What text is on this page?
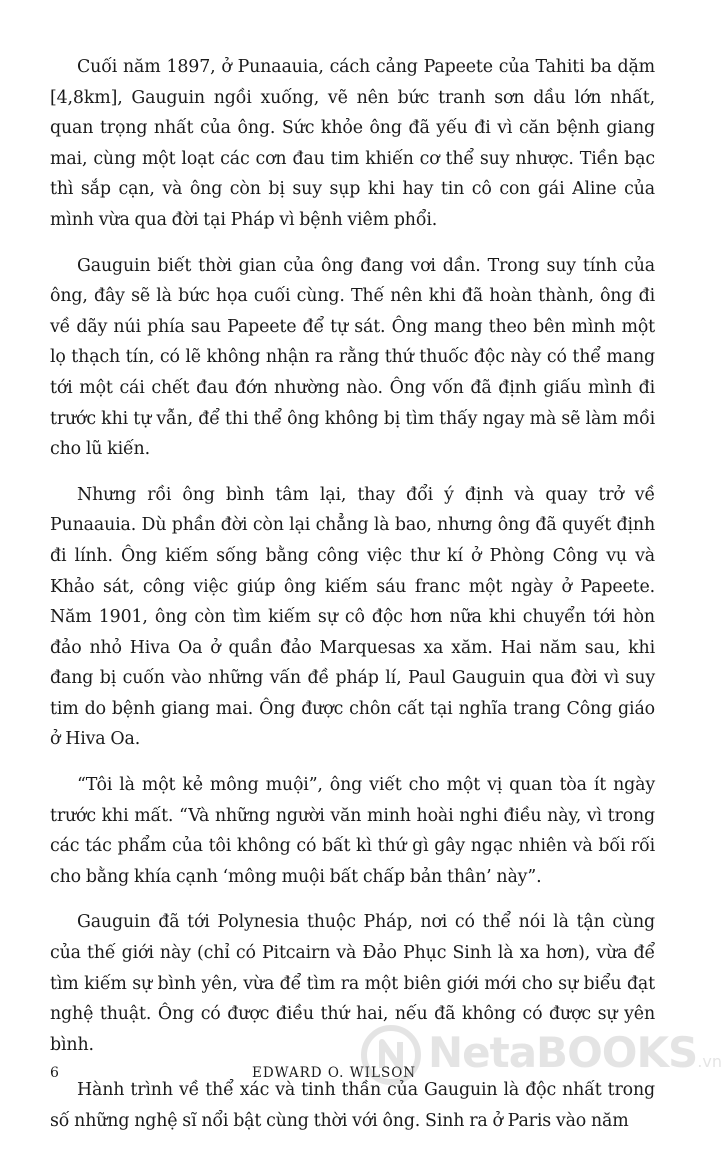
Cuối năm 1897, ở Punaauia, cách cảng Papeete của Tahiti ba dặm [4,8km], Gauguin ngồi xuống, vẽ nên bức tranh sơn dầu lớn nhất, quan trọng nhất của ông. Sức khỏe ông đã yếu đi vì căn bệnh giang mai, cùng một loạt các cơn đau tim khiến cơ thể suy nhược. Tiền bạc thì sắp cạn, và ông còn bị suy sụp khi hay tin cô con gái Aline của mình vừa qua đời tại Pháp vì bệnh viêm phổi.

Gauguin biết thời gian của ông đang vơi dần. Trong suy tính của ông, đây sẽ là bức họa cuối cùng. Thế nên khi đã hoàn thành, ông đi về dãy núi phía sau Papeete để tự sát. Ông mang theo bên mình một lọ thạch tín, có lẽ không nhận ra rằng thứ thuốc độc này có thể mang tới một cái chết đau đớn nhường nào. Ông vốn đã định giấu mình đi trước khi tự vẫn, để thi thể ông không bị tìm thấy ngay mà sẽ làm mồi cho lũ kiến.

Nhưng rồi ông bình tâm lại, thay đổi ý định và quay trở về Punaauia. Dù phần đời còn lại chẳng là bao, nhưng ông đã quyết định đi lính. Ông kiếm sống bằng công việc thư kí ở Phòng Công vụ và Khảo sát, công việc giúp ông kiếm sáu franc một ngày ở Papeete. Năm 1901, ông còn tìm kiếm sự cô độc hơn nữa khi chuyển tới hòn đảo nhỏ Hiva Oa ở quần đảo Marquesas xa xăm. Hai năm sau, khi đang bị cuốn vào những vấn đề pháp lí, Paul Gauguin qua đời vì suy tim do bệnh giang mai. Ông được chôn cất tại nghĩa trang Công giáo ở Hiva Oa.

“Tôi là một kẻ mông muội”, ông viết cho một vị quan tòa ít ngày trước khi mất. “Và những người văn minh hoài nghi điều này, vì trong các tác phẩm của tôi không có bất kì thứ gì gây ngạc nhiên và bối rối cho bằng khía cạnh ‘mông muội bất chấp bản thân’ này”.

Gauguin đã tới Polynesia thuộc Pháp, nơi có thể nói là tận cùng của thế giới này (chỉ có Pitcairn và Đảo Phục Sinh là xa hơn), vừa để tìm kiếm sự bình yên, vừa để tìm ra một biên giới mới cho sự biểu đạt nghệ thuật. Ông có được điều thứ hai, nếu đã không có được sự yên bình.

Hành trình về thể xác và tinh thần của Gauguin là độc nhất trong số những nghệ sĩ nổi bật cùng thời với ông. Sinh ra ở Paris vào năm

6	EDWARD O. WILSON NetaBOOKS.vn
